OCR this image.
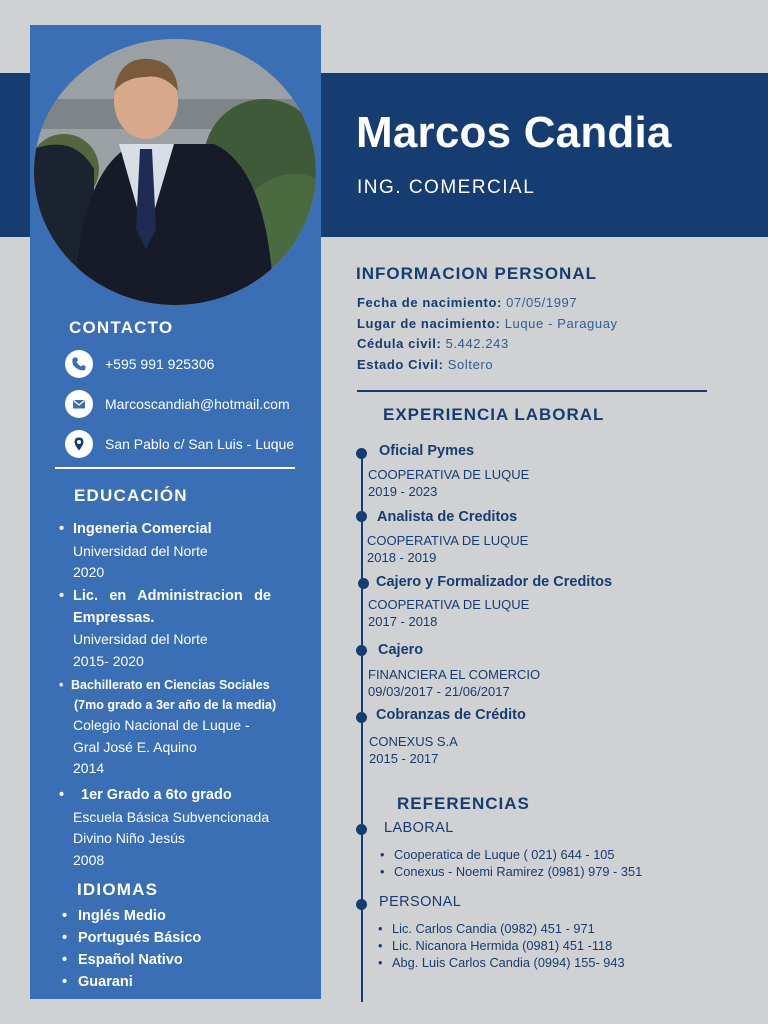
Marcos Candia
ING. COMERCIAL
CONTACTO
+595 991 925306
Marcoscandiah@hotmail.com
San Pablo c/ San Luis - Luque
EDUCACIÓN
• Ingeneria Comercial
Universidad del Norte
2020
• Lic. en Administracion de Empressas.
Universidad del Norte
2015- 2020
• Bachillerato en Ciencias Sociales
(7mo grado a 3er año de la media)
Colegio Nacional de Luque -
Gral José E. Aquino
2014
• 1er Grado a 6to grado
Escuela Básica Subvencionada
Divino Niño Jesús
2008
IDIOMAS
• Inglés Medio
• Portugués Básico
• Español Nativo
• Guarani
INFORMACION PERSONAL
Fecha de nacimiento: 07/05/1997
Lugar de nacimiento: Luque - Paraguay
Cédula civil: 5.442.243
Estado Civil: Soltero
EXPERIENCIA LABORAL
Oficial Pymes
COOPERATIVA DE LUQUE
2019 - 2023
Analista de Creditos
COOPERATIVA DE LUQUE
2018 - 2019
Cajero y Formalizador de Creditos
COOPERATIVA DE LUQUE
2017 - 2018
Cajero
FINANCIERA EL COMERCIO
09/03/2017 - 21/06/2017
Cobranzas de Crédito
CONEXUS S.A
2015 - 2017
REFERENCIAS
LABORAL
• Cooperatica de Luque ( 021) 644 - 105
• Conexus - Noemi Ramirez (0981) 979 - 351
PERSONAL
• Lic. Carlos Candia (0982) 451 - 971
• Lic. Nicanora Hermida (0981) 451 -118
• Abg. Luis Carlos Candia (0994) 155- 943
